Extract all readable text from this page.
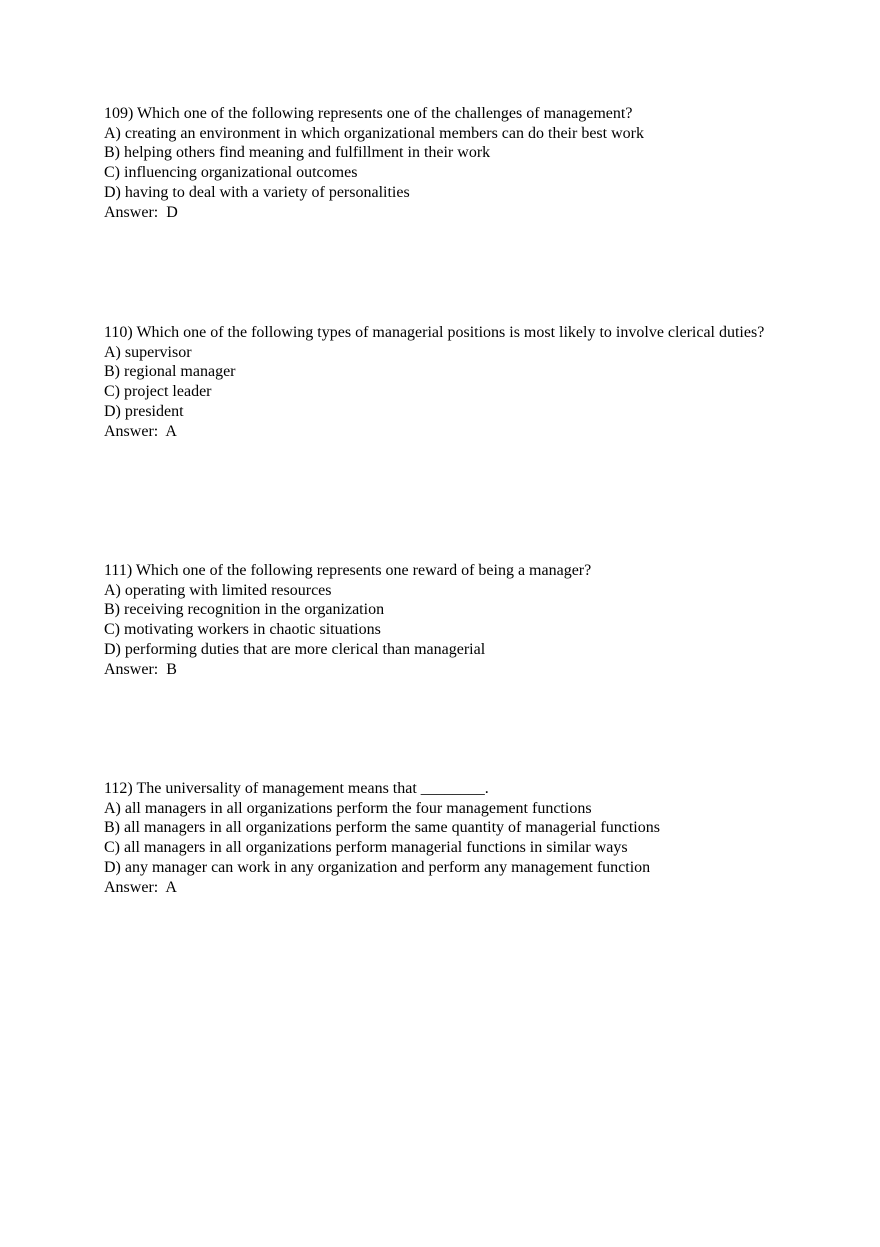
109) Which one of the following represents one of the challenges of management?
A) creating an environment in which organizational members can do their best work
B) helping others find meaning and fulfillment in their work
C) influencing organizational outcomes
D) having to deal with a variety of personalities
Answer:  D
110) Which one of the following types of managerial positions is most likely to involve clerical duties?
A) supervisor
B) regional manager
C) project leader
D) president
Answer:  A
111) Which one of the following represents one reward of being a manager?
A) operating with limited resources
B) receiving recognition in the organization
C) motivating workers in chaotic situations
D) performing duties that are more clerical than managerial
Answer:  B
112) The universality of management means that ________.
A) all managers in all organizations perform the four management functions
B) all managers in all organizations perform the same quantity of managerial functions
C) all managers in all organizations perform managerial functions in similar ways
D) any manager can work in any organization and perform any management function
Answer:  A
